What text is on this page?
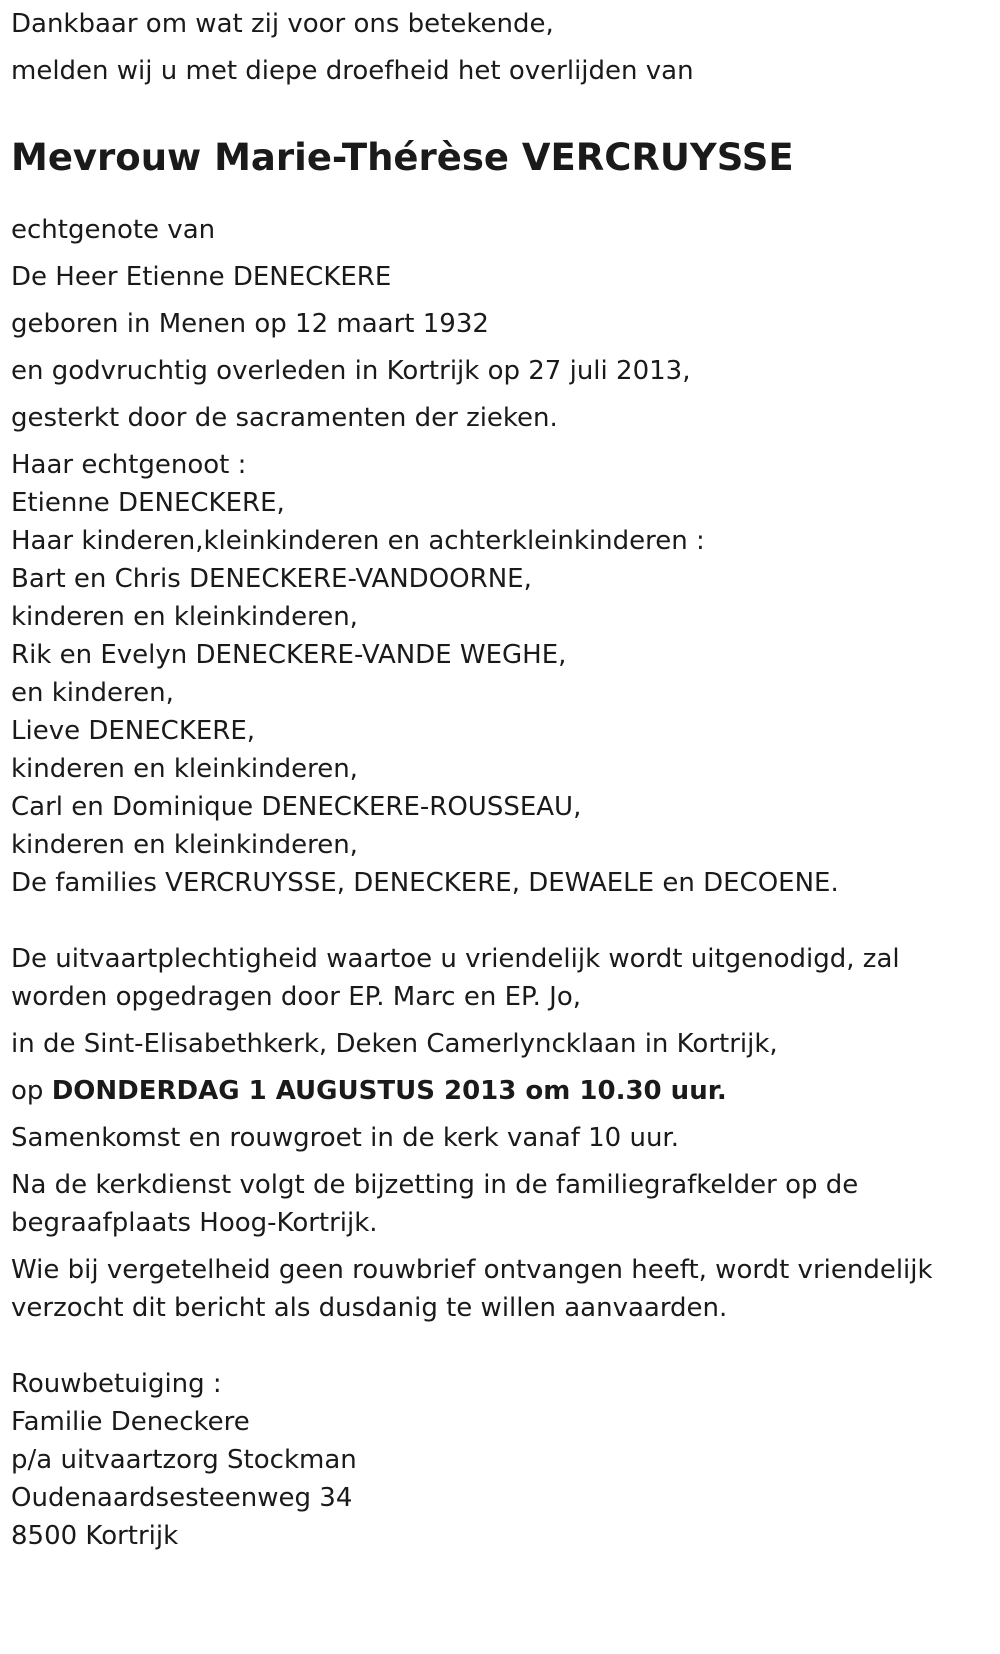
Dankbaar om wat zij voor ons betekende,

melden wij u met diepe droefheid het overlijden van

Mevrouw Marie-Thérèse VERCRUYSSE

echtgenote van

De Heer Etienne DENECKERE

geboren in Menen op 12 maart 1932

en godvruchtig overleden in Kortrijk op 27 juli 2013,

gesterkt door de sacramenten der zieken.

Haar echtgenoot :

Etienne DENECKERE,

Haar kinderen,kleinkinderen en achterkleinkinderen :

Bart en Chris DENECKERE-VANDOORNE,

kinderen en kleinkinderen,

Rik en Evelyn DENECKERE-VANDE WEGHE,

en kinderen,

Lieve DENECKERE,

kinderen en kleinkinderen,

Carl en Dominique DENECKERE-ROUSSEAU,

kinderen en kleinkinderen,

De families VERCRUYSSE, DENECKERE, DEWAELE en DECOENE.

De uitvaartplechtigheid waartoe u vriendelijk wordt uitgenodigd, zal

worden opgedragen door EP. Marc en EP. Jo,

in de Sint-Elisabethkerk, Deken Camerlyncklaan in Kortrijk,

op DONDERDAG 1 AUGUSTUS 2013 om 10.30 uur.

Samenkomst en rouwgroet in de kerk vanaf 10 uur.

Na de kerkdienst volgt de bijzetting in de familiegrafkelder op de

begraafplaats Hoog-Kortrijk.

Wie bij vergetelheid geen rouwbrief ontvangen heeft, wordt vriendelijk

verzocht dit bericht als dusdanig te willen aanvaarden.

Rouwbetuiging :

Familie Deneckere

p/a uitvaartzorg Stockman

Oudenaardsesteenweg 34

8500 Kortrijk
